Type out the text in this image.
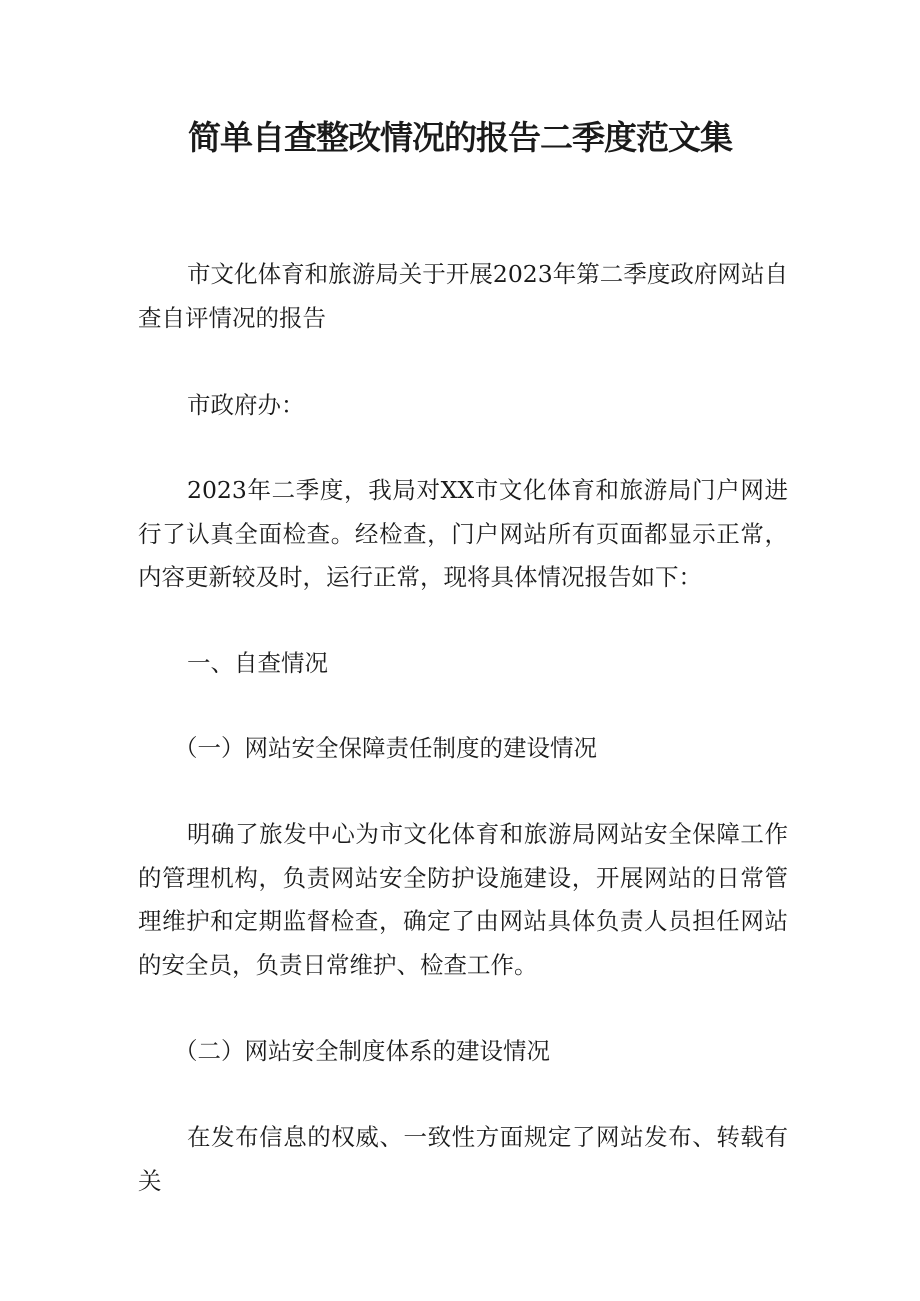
简单自查整改情况的报告二季度范文集

市文化体育和旅游局关于开展2023年第二季度政府网站自查自评情况的报告

市政府办：

2023年二季度，我局对XX市文化体育和旅游局门户网进行了认真全面检查。经检查，门户网站所有页面都显示正常，内容更新较及时，运行正常，现将具体情况报告如下：

一、自查情况

（一）网站安全保障责任制度的建设情况

明确了旅发中心为市文化体育和旅游局网站安全保障工作的管理机构，负责网站安全防护设施建设，开展网站的日常管理维护和定期监督检查，确定了由网站具体负责人员担任网站的安全员，负责日常维护、检查工作。

（二）网站安全制度体系的建设情况

在发布信息的权威、一致性方面规定了网站发布、转载有关
